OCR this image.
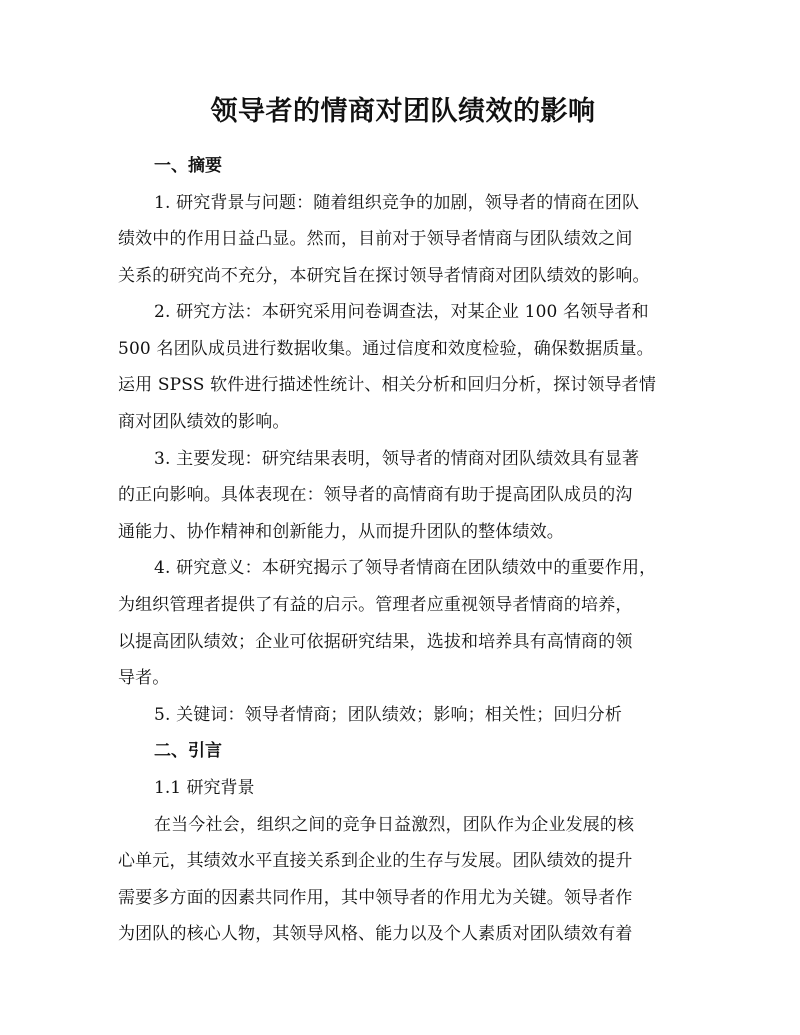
领导者的情商对团队绩效的影响
一、摘要

1. 研究背景与问题：随着组织竞争的加剧，领导者的情商在团队
绩效中的作用日益凸显。然而，目前对于领导者情商与团队绩效之间
关系的研究尚不充分，本研究旨在探讨领导者情商对团队绩效的影响。

2. 研究方法：本研究采用问卷调查法，对某企业 100 名领导者和
500 名团队成员进行数据收集。通过信度和效度检验，确保数据质量。
运用 SPSS 软件进行描述性统计、相关分析和回归分析，探讨领导者情
商对团队绩效的影响。

3. 主要发现：研究结果表明，领导者的情商对团队绩效具有显著
的正向影响。具体表现在：领导者的高情商有助于提高团队成员的沟
通能力、协作精神和创新能力，从而提升团队的整体绩效。

4. 研究意义：本研究揭示了领导者情商在团队绩效中的重要作用，
为组织管理者提供了有益的启示。管理者应重视领导者情商的培养，
以提高团队绩效；企业可依据研究结果，选拔和培养具有高情商的领
导者。

5. 关键词：领导者情商；团队绩效；影响；相关性；回归分析

二、引言
1.1 研究背景

在当今社会，组织之间的竞争日益激烈，团队作为企业发展的核
心单元，其绩效水平直接关系到企业的生存与发展。团队绩效的提升
需要多方面的因素共同作用，其中领导者的作用尤为关键。领导者作
为团队的核心人物，其领导风格、能力以及个人素质对团队绩效有着
